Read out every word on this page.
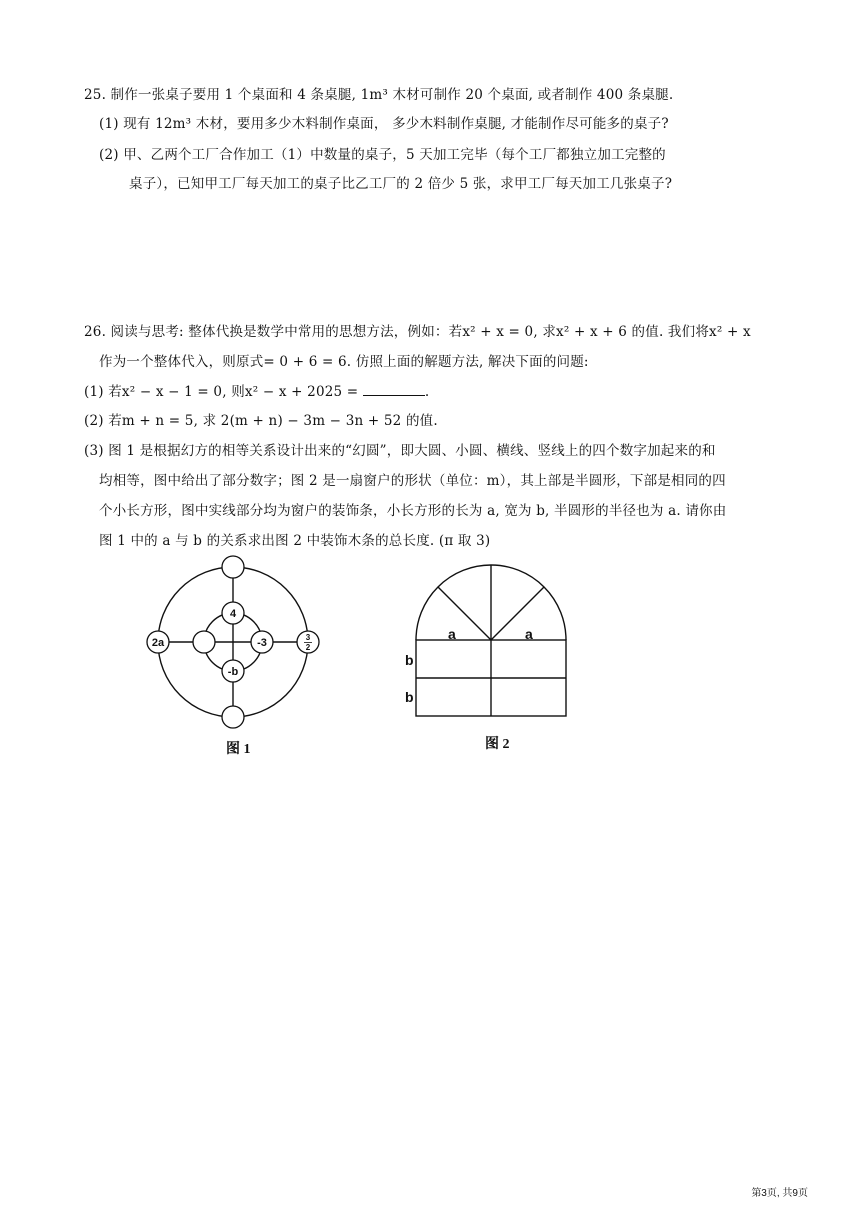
25. 制作一张桌子要用 1 个桌面和 4 条桌腿, 1m³ 木材可制作 20 个桌面, 或者制作 400 条桌腿.
(1) 现有 12m³ 木材，要用多少木料制作桌面， 多少木料制作桌腿, 才能制作尽可能多的桌子?
(2) 甲、乙两个工厂合作加工（1）中数量的桌子，5 天加工完毕（每个工厂都独立加工完整的
桌子），已知甲工厂每天加工的桌子比乙工厂的 2 倍少 5 张，求甲工厂每天加工几张桌子?
26. 阅读与思考: 整体代换是数学中常用的思想方法，例如：若x² + x = 0, 求x² + x + 6 的值. 我们将x² + x
作为一个整体代入，则原式= 0 + 6 = 6. 仿照上面的解题方法, 解决下面的问题:
(1) 若x² − x − 1 = 0, 则x² − x + 2025 =	.
(2) 若m + n = 5, 求 2(m + n) − 3m − 3n + 52 的值.
(3) 图 1 是根据幻方的相等关系设计出来的“幻圆”，即大圆、小圆、横线、竖线上的四个数字加起来的和
均相等，图中给出了部分数字；图 2 是一扇窗户的形状（单位：m），其上部是半圆形，下部是相同的四
个小长方形，图中实线部分均为窗户的装饰条，小长方形的长为 a, 宽为 b, 半圆形的半径也为 a. 请你由
图 1 中的 a 与 b 的关系求出图 2 中装饰木条的总长度. (π 取 3)
4
-3
-b
2a	3
2
图 1
a	a
b
b
图 2
第3页, 共9页
